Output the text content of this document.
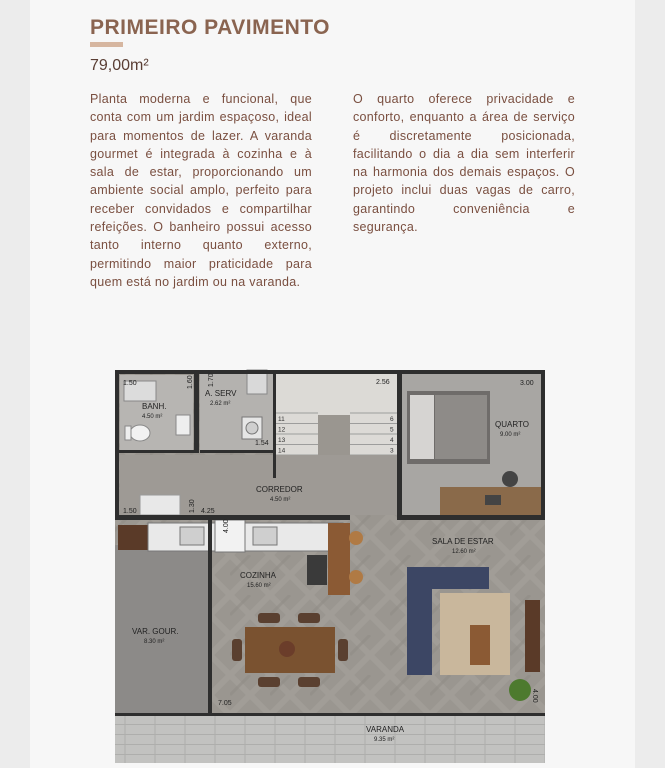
PRIMEIRO PAVIMENTO
79,00m²
Planta moderna e funcional, que conta com um jardim espaçoso, ideal para momentos de lazer. A varanda gourmet é integrada à cozinha e à sala de estar, proporcionando um ambiente social amplo, perfeito para receber convidados e compartilhar refeições. O banheiro possui acesso tanto interno quanto externo, permitindo maior praticidade para quem está no jardim ou na varanda.
O quarto oferece privacidade e conforto, enquanto a área de serviço é discretamente posicionada, facilitando o dia a dia sem interferir na harmonia dos demais espaços. O projeto inclui duas vagas de carro, garantindo conveniência e segurança.
11
12
13
14
6
5
4
3
BANH.
4.50 m²
A. SERV
2.62 m²
QUARTO
9.00 m²
CORREDOR
4.50 m²
SALA DE ESTAR
12.60 m²
COZINHA
15.60 m²
VAR. GOUR.
8.30 m²
VARANDA
9.35 m²
1.50	1.60 1.70	2.56	3.00
1.54
1.50	1.30 4.25
4.00
7.05
4.00
